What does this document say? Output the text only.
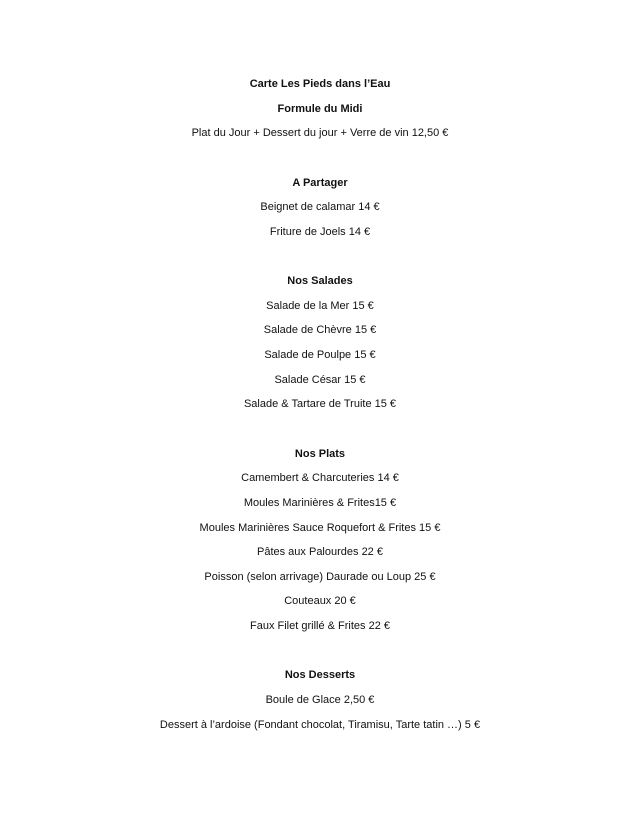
Carte Les Pieds dans l’Eau
Formule du Midi
Plat du Jour + Dessert du jour + Verre de vin 12,50 €
A Partager
Beignet de calamar 14 €
Friture de Joels 14 €
Nos Salades
Salade de la Mer 15 €
Salade de Chèvre 15 €
Salade de Poulpe 15 €
Salade César 15 €
Salade & Tartare de Truite 15 €
Nos Plats
Camembert & Charcuteries 14 €
Moules Marinières & Frites15 €
Moules Marinières Sauce Roquefort & Frites 15 €
Pâtes aux Palourdes 22 €
Poisson (selon arrivage) Daurade ou Loup 25 €
Couteaux 20 €
Faux Filet grillé & Frites 22 €
Nos Desserts
Boule de Glace 2,50 €
Dessert à l’ardoise (Fondant chocolat, Tiramisu, Tarte tatin …) 5 €
